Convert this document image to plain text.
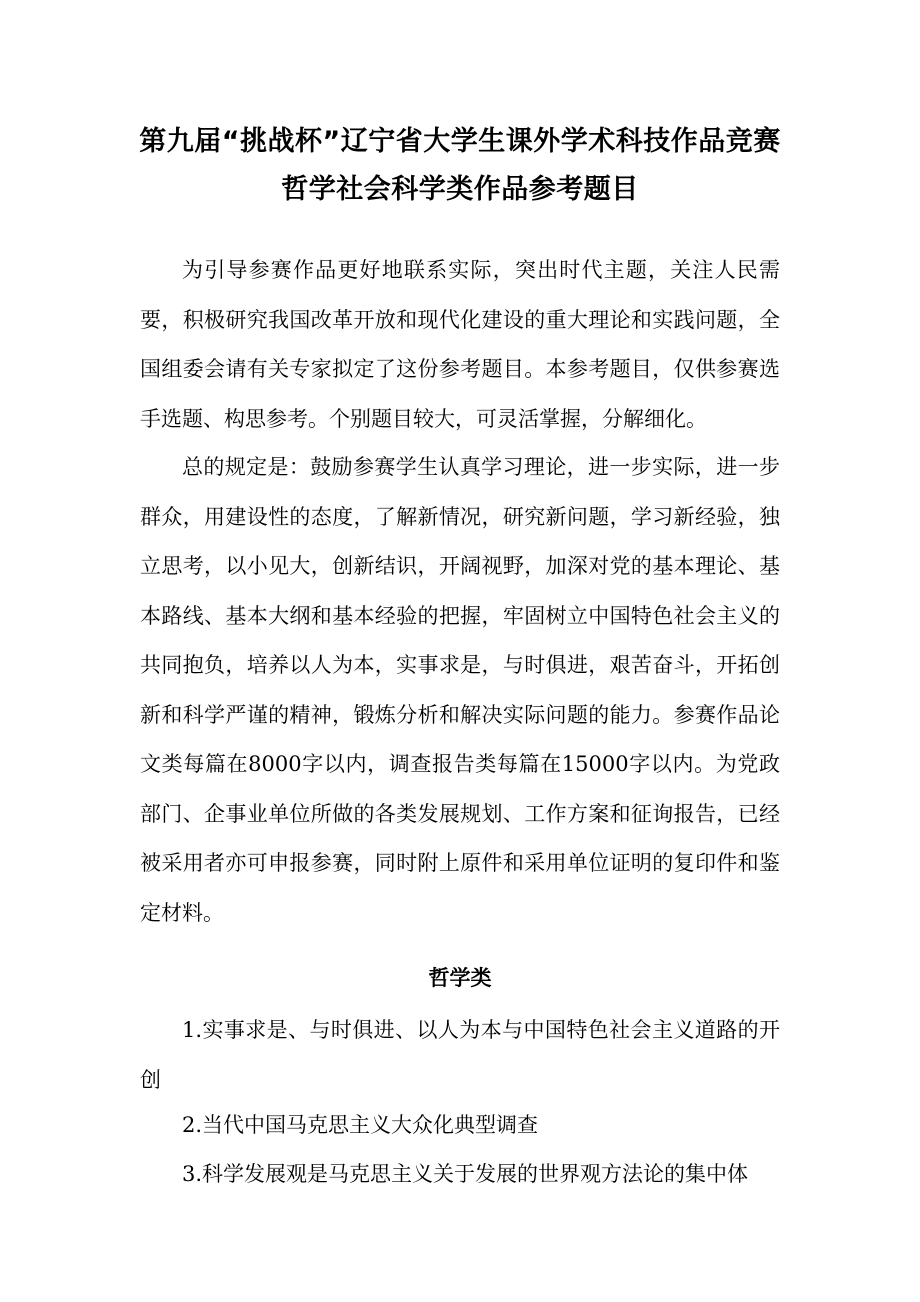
第九届“挑战杯”辽宁省大学生课外学术科技作品竞赛
哲学社会科学类作品参考题目

为引导参赛作品更好地联系实际，突出时代主题，关注人民需要，积极研究我国改革开放和现代化建设的重大理论和实践问题，全国组委会请有关专家拟定了这份参考题目。本参考题目，仅供参赛选手选题、构思参考。个别题目较大，可灵活掌握，分解细化。

总的规定是：鼓励参赛学生认真学习理论，进一步实际，进一步群众，用建设性的态度，了解新情况，研究新问题，学习新经验，独立思考，以小见大，创新结识，开阔视野，加深对党的基本理论、基本路线、基本大纲和基本经验的把握，牢固树立中国特色社会主义的共同抱负，培养以人为本，实事求是，与时俱进，艰苦奋斗，开拓创新和科学严谨的精神，锻炼分析和解决实际问题的能力。参赛作品论文类每篇在8000字以内，调查报告类每篇在15000字以内。为党政部门、企事业单位所做的各类发展规划、工作方案和征询报告，已经被采用者亦可申报参赛，同时附上原件和采用单位证明的复印件和鉴定材料。

哲学类

1.实事求是、与时俱进、以人为本与中国特色社会主义道路的开创

2.当代中国马克思主义大众化典型调查

3.科学发展观是马克思主义关于发展的世界观方法论的集中体
